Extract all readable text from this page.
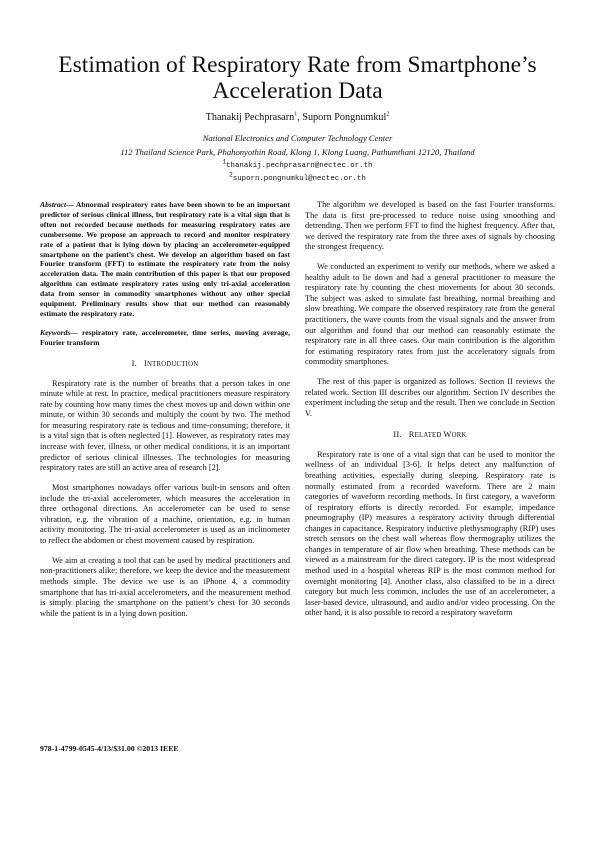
Estimation of Respiratory Rate from Smartphone’s Acceleration Data
Thanakij Pechprasarn$^1$, Suporn Pongnumkul$^2$
National Electronics and Computer Technology Center
112 Thailand Science Park, Phahonyothin Road, Klong 1, Klong Luang, Pathumthani 12120, Thailand
$^1$thanakij.pechprasarn@nectec.or.th
$^2$suporn.pongnumkul@nectec.or.th

Abstract— Abnormal respiratory rates have been shown to be an important predictor of serious clinical illness, but respiratory rate is a vital sign that is often not recorded because methods for measuring respiratory rates are cumbersome. We propose an approach to record and monitor respiratory rate of a patient that is lying down by placing an accelerometer-equipped smartphone on the patient’s chest. We develop an algorithm based on fast Fourier transform (FFT) to estimate the respiratory rate from the noisy acceleration data. The main contribution of this paper is that our proposed algorithm can estimate respiratory rates using only tri-axial acceleration data from sensor in commodity smartphones without any other special equipment. Preliminary results show that our method can reasonably estimate the respiratory rate.

Keywords— respiratory rate, accelerometer, time series, moving average, Fourier transform

I. INTRODUCTION

Respiratory rate is the number of breaths that a person takes in one minute while at rest. In practice, medical practitioners measure respiratory rate by counting how many times the chest moves up and down within one minute, or within 30 seconds and multiply the count by two. The method for measuring respiratory rate is tedious and time-consuming; therefore, it is a vital sign that is often neglected [1]. However, as respiratory rates may increase with fever, illness, or other medical conditions, it is an important predictor of serious clinical illnesses. The technologies for measuring respiratory rates are still an active area of research [2].

Most smartphones nowadays offer various built-in sensors and often include the tri-axial accelerometer, which measures the acceleration in three orthogonal directions. An accelerometer can be used to sense vibration, e.g. the vibration of a machine, orientation, e.g. in human activity monitoring. The tri-axial accelerometer is used as an inclinometer to reflect the abdomen or chest movement caused by respiration.

We aim at creating a tool that can be used by medical practitioners and non-practitioners alike; therefore, we keep the device and the measurement methods simple. The device we use is an iPhone 4, a commodity smartphone that has tri-axial accelerometers, and the measurement method is simply placing the smartphone on the patient’s chest for 30 seconds while the patient is in a lying down position.

The algorithm we developed is based on the fast Fourier transforms. The data is first pre-processed to reduce noise using smoothing and detrending. Then we perform FFT to find the highest frequency. After that, we derived the respiratory rate from the three axes of signals by choosing the strongest frequency.

We conducted an experiment to verify our methods, where we asked a healthy adult to lie down and had a general practitioner to measure the respiratory rate by counting the chest movements for about 30 seconds. The subject was asked to simulate fast breathing, normal breathing and slow breathing. We compare the observed respiratory rate from the general practitioners, the wave counts from the visual signals and the answer from our algorithm and found that our method can reasonably estimate the respiratory rate in all three cases. Our main contribution is the algorithm for estimating respiratory rates from just the acceleratory signals from commodity smartphones.

The rest of this paper is organized as follows. Section II reviews the related work. Section III describes our algorithm. Section IV describes the experiment including the setup and the result. Then we conclude in Section V.

II. RELATED WORK

Respiratory rate is one of a vital sign that can be used to monitor the wellness of an individual [3-6]. It helps detect any malfunction of breathing activities, especially during sleeping. Respiratory rate is normally estimated from a recorded waveform. There are 2 main categories of waveform recording methods. In first category, a waveform of respiratory efforts is directly recorded. For example, impedance pneumography (IP) measures a respiratory activity through differential changes in capacitance. Respiratory inductive plethysmography (RIP) uses stretch sensors on the chest wall whereas flow thermography utilizes the changes in temperature of air flow when breathing. These methods can be viewed as a mainstream for the direct category. IP is the most widespread method used in a hospital whereas RIP is the most common method for overnight monitoring [4]. Another class, also classified to be in a direct category but much less common, includes the use of an accelerometer, a laser-based device, ultrasound, and audio and/or video processing. On the other hand, it is also possible to record a respiratory waveform

978-1-4799-0545-4/13/$31.00 ©2013 IEEE
